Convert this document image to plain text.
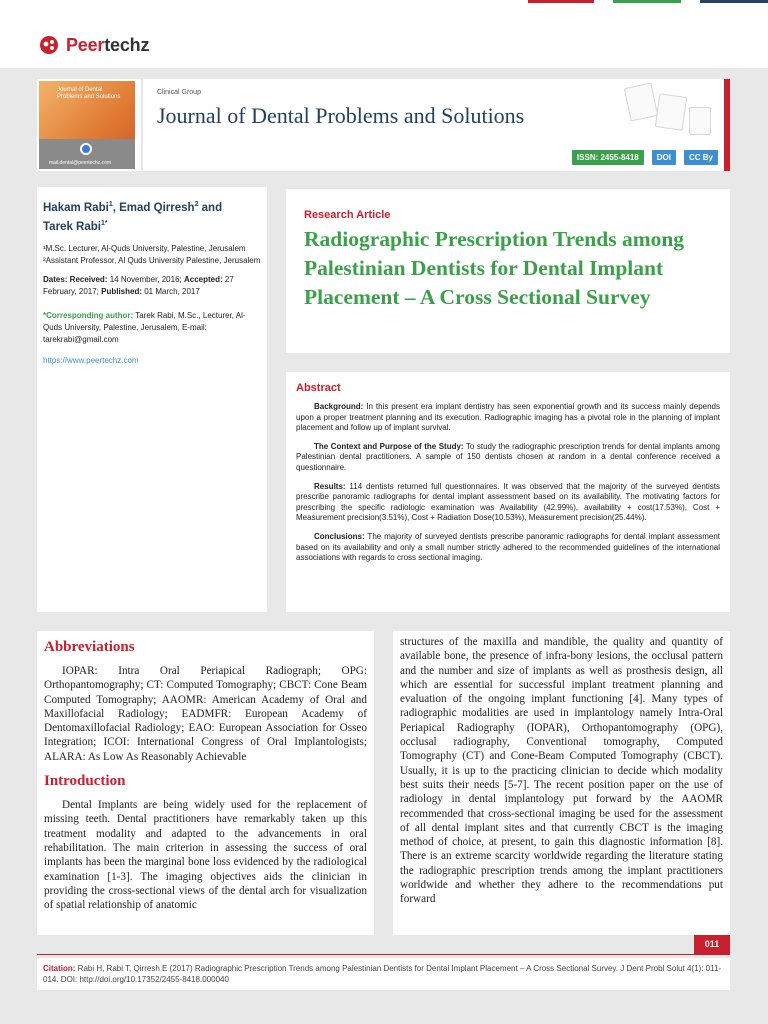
Peertechz
Journal of Dental Problems and Solutions
mail.dental@peertechz.com
Clinical Group
Journal of Dental Problems and Solutions
ISSN: 2455-8418	DOI	CC By
Hakam Rabi$^1$, Emad Qirresh$^2$ and
Tarek Rabi$^{1*}$
¹M.Sc. Lecturer, Al-Quds University, Palestine, Jerusalem
²Assistant Professor, Al Quds University Palestine, Jerusalem
Dates: Received: 14 November, 2016; Accepted: 27 February, 2017; Published: 01 March, 2017
*Corresponding author: Tarek Rabi, M.Sc., Lecturer, Al-Quds University, Palestine, Jerusalem, E-mail: tarekrabi@gmail.com
https://www.peertechz.com
Research Article
Radiographic Prescription Trends among Palestinian Dentists for Dental Implant Placement – A Cross Sectional Survey
Abstract

Background: In this present era implant dentistry has seen exponential growth and its success mainly depends upon a proper treatment planning and its execution. Radiographic imaging has a pivotal role in the planning of implant placement and follow up of implant survival.

The Context and Purpose of the Study: To study the radiographic prescription trends for dental implants among Palestinian dental practitioners. A sample of 150 dentists chosen at random in a dental conference received a questionnaire.

Results: 114 dentists returned full questionnaires. It was observed that the majority of the surveyed dentists prescribe panoramic radiographs for dental implant assessment based on its availability. The motivating factors for prescribing the specific radiologic examination was Availability (42.99%), availability + cost(17.53%), Cost + Measurement precision(3.51%), Cost + Radiation Dose(10.53%), Measurement precision(25.44%).

Conclusions: The majority of surveyed dentists prescribe panoramic radiographs for dental implant assessment based on its availability and only a small number strictly adhered to the recommended guidelines of the international associations with regards to cross sectional imaging.

Abbreviations

IOPAR: Intra Oral Periapical Radiograph; OPG: Orthopantomography; CT: Computed Tomography; CBCT: Cone Beam Computed Tomography; AAOMR: American Academy of Oral and Maxillofacial Radiology; EADMFR: European Academy of Dentomaxillofacial Radiology; EAO: European Association for Osseo Integration; ICOI: International Congress of Oral Implantologists; ALARA: As Low As Reasonably Achievable

Introduction

Dental Implants are being widely used for the replacement of missing teeth. Dental practitioners have remarkably taken up this treatment modality and adapted to the advancements in oral rehabilitation. The main criterion in assessing the success of oral implants has been the marginal bone loss evidenced by the radiological examination [1-3]. The imaging objectives aids the clinician in providing the cross-sectional views of the dental arch for visualization of spatial relationship of anatomic

structures of the maxilla and mandible, the quality and quantity of available bone, the presence of infra-bony lesions, the occlusal pattern and the number and size of implants as well as prosthesis design, all which are essential for successful implant treatment planning and evaluation of the ongoing implant functioning [4]. Many types of radiographic modalities are used in implantology namely Intra-Oral Periapical Radiography (IOPAR), Orthopantomography (OPG), occlusal radiography, Conventional tomography, Computed Tomography (CT) and Cone-Beam Computed Tomography (CBCT). Usually, it is up to the practicing clinician to decide which modality best suits their needs [5-7]. The recent position paper on the use of radiology in dental implantology put forward by the AAOMR recommended that cross-sectional imaging be used for the assessment of all dental implant sites and that currently CBCT is the imaging method of choice, at present, to gain this diagnostic information [8]. There is an extreme scarcity worldwide regarding the literature stating the radiographic prescription trends among the implant practitioners worldwide and whether they adhere to the recommendations put forward

011
Citation: Rabi H, Rabi T, Qirresh E (2017) Radiographic Prescription Trends among Palestinian Dentists for Dental Implant Placement – A Cross Sectional Survey. J Dent Probl Solut 4(1): 011-014. DOI: http://doi.org/10.17352/2455-8418.000040
